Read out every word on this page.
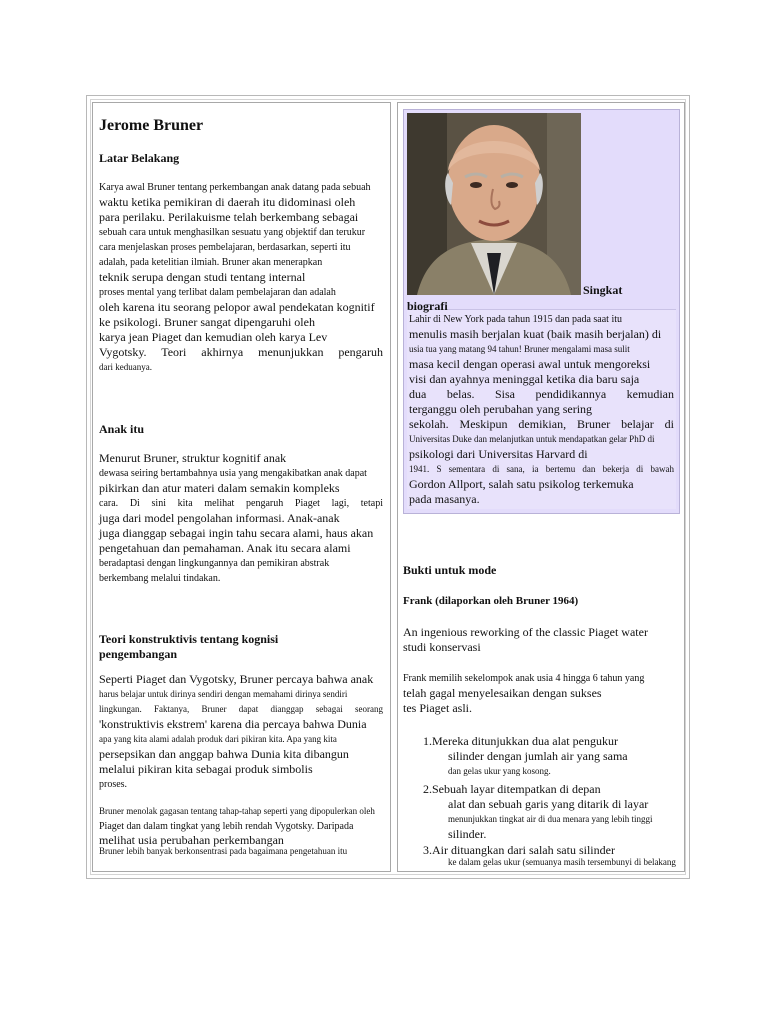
Jerome Bruner
Latar Belakang
Karya awal Bruner tentang perkembangan anak datang pada sebuah
waktu ketika pemikiran di daerah itu didominasi oleh
para perilaku. Perilakuisme telah berkembang sebagai
sebuah cara untuk menghasilkan sesuatu yang objektif dan terukur
cara menjelaskan proses pembelajaran, berdasarkan, seperti itu
adalah, pada ketelitian ilmiah. Bruner akan menerapkan
teknik serupa dengan studi tentang internal
proses mental yang terlibat dalam pembelajaran dan adalah
oleh karena itu seorang pelopor awal pendekatan kognitif
ke psikologi. Bruner sangat dipengaruhi oleh
karya jean Piaget dan kemudian oleh karya Lev
Vygotsky. Teori akhirnya menunjukkan pengaruh
dari keduanya.
Anak itu
Menurut Bruner, struktur kognitif anak
dewasa seiring bertambahnya usia yang mengakibatkan anak dapat
pikirkan dan atur materi dalam semakin kompleks
cara. Di sini kita melihat pengaruh Piaget lagi, tetapi
juga dari model pengolahan informasi. Anak-anak
juga dianggap sebagai ingin tahu secara alami, haus akan
pengetahuan dan pemahaman. Anak itu secara alami
beradaptasi dengan lingkungannya dan pemikiran abstrak
berkembang melalui tindakan.
Teori konstruktivis tentang kognisi pengembangan
Seperti Piaget dan Vygotsky, Bruner percaya bahwa anak
harus belajar untuk dirinya sendiri dengan memahami dirinya sendiri
lingkungan. Faktanya, Bruner dapat dianggap sebagai seorang
'konstruktivis ekstrem' karena dia percaya bahwa Dunia
apa yang kita alami adalah produk dari pikiran kita. Apa yang kita
persepsikan dan anggap bahwa Dunia kita dibangun
melalui pikiran kita sebagai produk simbolis
proses.
Bruner menolak gagasan tentang tahap-tahap seperti yang dipopulerkan oleh
Piaget dan dalam tingkat yang lebih rendah Vygotsky. Daripada
melihat usia perubahan perkembangan
Bruner lebih banyak berkonsentrasi pada bagaimana pengetahuan itu
Singkat
biografi
Lahir di New York pada tahun 1915 dan pada saat itu
menulis masih berjalan kuat (baik masih berjalan) di
usia tua yang matang 94 tahun! Bruner mengalami masa sulit
masa kecil dengan operasi awal untuk mengoreksi
visi dan ayahnya meninggal ketika dia baru saja
dua belas. Sisa pendidikannya kemudian
terganggu oleh perubahan yang sering
sekolah. Meskipun demikian, Bruner belajar di
Universitas Duke dan melanjutkan untuk mendapatkan gelar PhD di
psikologi dari Universitas Harvard di
1941. S sementara di sana, ia bertemu dan bekerja di bawah
Gordon Allport, salah satu psikolog terkemuka
pada masanya.
Bukti untuk mode
Frank (dilaporkan oleh Bruner 1964)
An ingenious reworking of the classic Piaget water
studi konservasi
Frank memilih sekelompok anak usia 4 hingga 6 tahun yang
telah gagal menyelesaikan dengan sukses
tes Piaget asli.
1.Mereka ditunjukkan dua alat pengukur
silinder dengan jumlah air yang sama
dan gelas ukur yang kosong.
2.Sebuah layar ditempatkan di depan
alat dan sebuah garis yang ditarik di layar
menunjukkan tingkat air di dua menara yang lebih tinggi
silinder.
3.Air dituangkan dari salah satu silinder
ke dalam gelas ukur (semuanya masih tersembunyi di belakang
